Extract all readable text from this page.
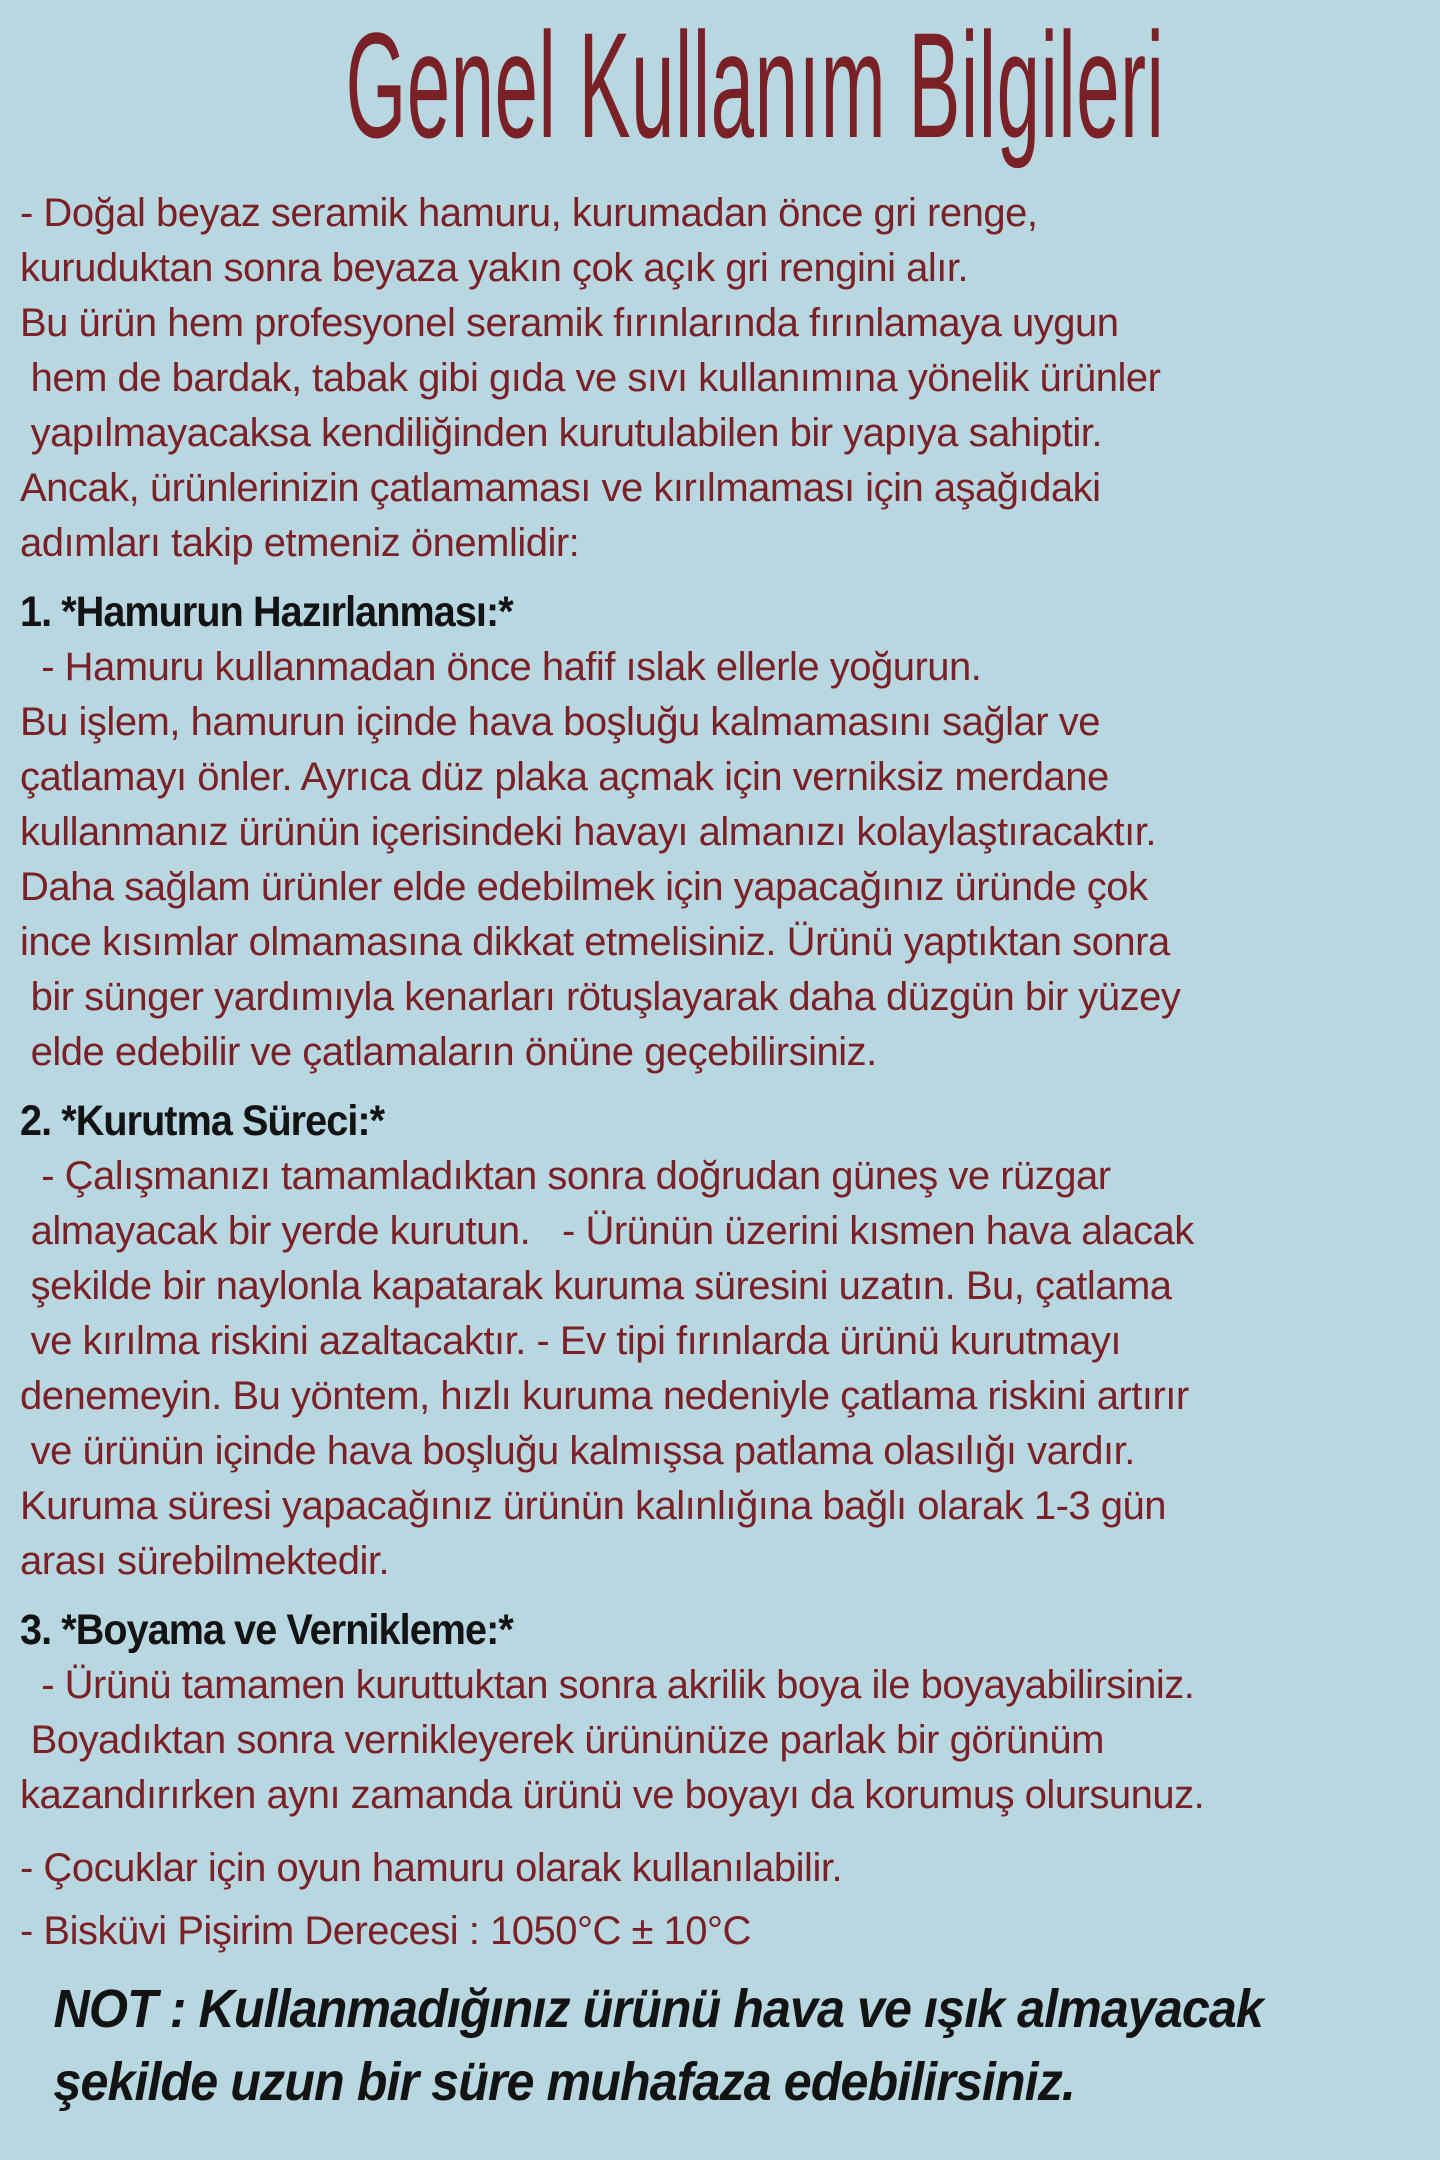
Genel Kullanım Bilgileri
- Doğal beyaz seramik hamuru, kurumadan önce gri renge,
kuruduktan sonra beyaza yakın çok açık gri rengini alır.
Bu ürün hem profesyonel seramik fırınlarında fırınlamaya uygun
hem de bardak, tabak gibi gıda ve sıvı kullanımına yönelik ürünler
yapılmayacaksa kendiliğinden kurutulabilen bir yapıya sahiptir.
Ancak, ürünlerinizin çatlamaması ve kırılmaması için aşağıdaki
adımları takip etmeniz önemlidir:
1. *Hamurun Hazırlanması:*
- Hamuru kullanmadan önce hafif ıslak ellerle yoğurun.
Bu işlem, hamurun içinde hava boşluğu kalmamasını sağlar ve
çatlamayı önler. Ayrıca düz plaka açmak için verniksiz merdane
kullanmanız ürünün içerisindeki havayı almanızı kolaylaştıracaktır.
Daha sağlam ürünler elde edebilmek için yapacağınız üründe çok
ince kısımlar olmamasına dikkat etmelisiniz. Ürünü yaptıktan sonra
bir sünger yardımıyla kenarları rötuşlayarak daha düzgün bir yüzey
elde edebilir ve çatlamaların önüne geçebilirsiniz.
2. *Kurutma Süreci:*
- Çalışmanızı tamamladıktan sonra doğrudan güneş ve rüzgar
almayacak bir yerde kurutun.   - Ürünün üzerini kısmen hava alacak
şekilde bir naylonla kapatarak kuruma süresini uzatın. Bu, çatlama
ve kırılma riskini azaltacaktır. - Ev tipi fırınlarda ürünü kurutmayı
denemeyin. Bu yöntem, hızlı kuruma nedeniyle çatlama riskini artırır
ve ürünün içinde hava boşluğu kalmışsa patlama olasılığı vardır.
Kuruma süresi yapacağınız ürünün kalınlığına bağlı olarak 1-3 gün
arası sürebilmektedir.
3. *Boyama ve Vernikleme:*
- Ürünü tamamen kuruttuktan sonra akrilik boya ile boyayabilirsiniz.
Boyadıktan sonra vernikleyerek ürününüze parlak bir görünüm
kazandırırken aynı zamanda ürünü ve boyayı da korumuş olursunuz.
- Çocuklar için oyun hamuru olarak kullanılabilir.
- Bisküvi Pişirim Derecesi : 1050°C ± 10°C
NOT : Kullanmadığınız ürünü hava ve ışık almayacak
şekilde uzun bir süre muhafaza edebilirsiniz.
